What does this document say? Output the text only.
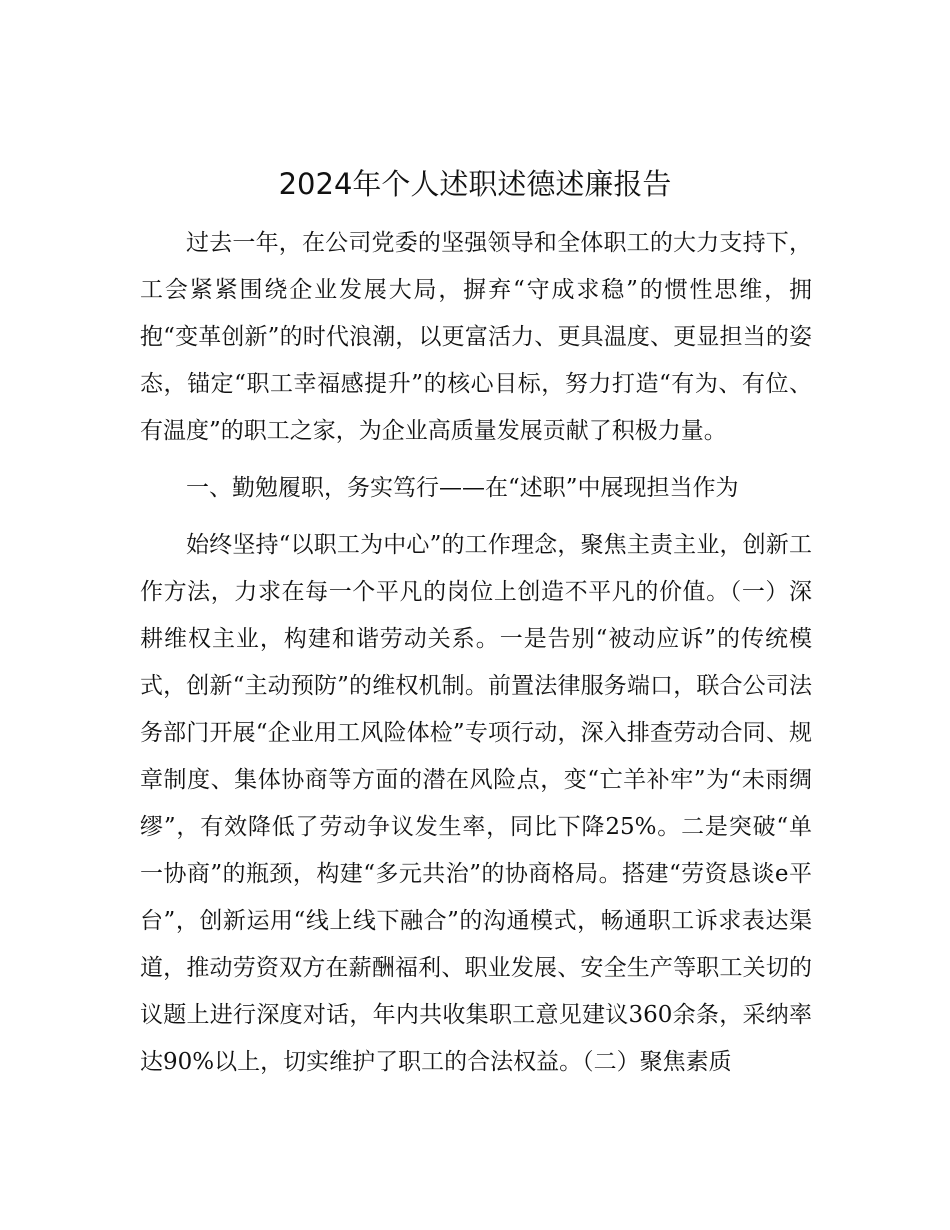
2024年个人述职述德述廉报告

过去一年，在公司党委的坚强领导和全体职工的大力支持下，工会紧紧围绕企业发展大局，摒弃“守成求稳”的惯性思维，拥抱“变革创新”的时代浪潮，以更富活力、更具温度、更显担当的姿态，锚定“职工幸福感提升”的核心目标，努力打造“有为、有位、有温度”的职工之家，为企业高质量发展贡献了积极力量。

一、勤勉履职，务实笃行——在“述职”中展现担当作为

始终坚持“以职工为中心”的工作理念，聚焦主责主业，创新工作方法，力求在每一个平凡的岗位上创造不平凡的价值。（一）深耕维权主业，构建和谐劳动关系。一是告别“被动应诉”的传统模式，创新“主动预防”的维权机制。前置法律服务端口，联合公司法务部门开展“企业用工风险体检”专项行动，深入排查劳动合同、规章制度、集体协商等方面的潜在风险点，变“亡羊补牢”为“未雨绸缪”，有效降低了劳动争议发生率，同比下降25%。二是突破“单一协商”的瓶颈，构建“多元共治”的协商格局。搭建“劳资恳谈e平台”，创新运用“线上线下融合”的沟通模式，畅通职工诉求表达渠道，推动劳资双方在薪酬福利、职业发展、安全生产等职工关切的议题上进行深度对话，年内共收集职工意见建议360余条，采纳率达90%以上，切实维护了职工的合法权益。（二）聚焦素质
